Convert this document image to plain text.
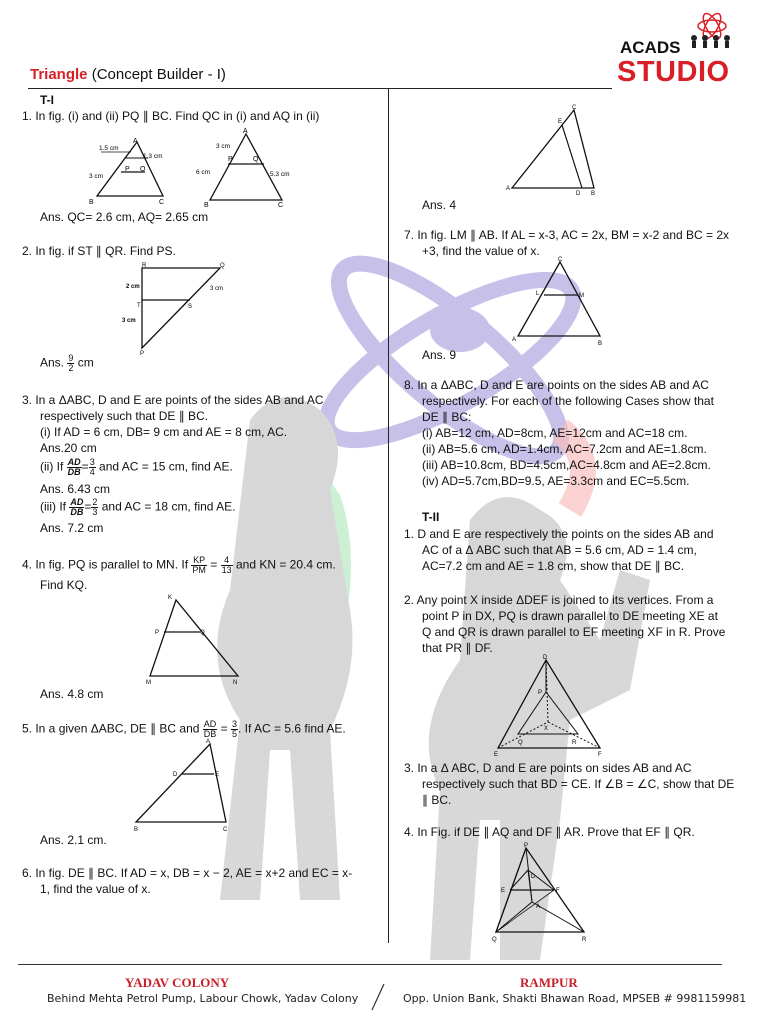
Triangle (Concept Builder - I)
ACADS
STUDIO
T-I
1. In fig. (i) and (ii) PQ ∥ BC. Find QC in (i) and AQ in (ii)
A
P Q
B	C
1.5 cm
1.3 cm
3 cm
A
P	Q
B	C
3 cm
6 cm	5.3 cm
Ans. QC= 2.6 cm, AQ= 2.65 cm
2. In fig. if ST ∥ QR. Find PS.
R	Q
T	S
P
2 cm	3 cm
3 cm
Ans. $\frac{9}{2}$ cm
3. In a ΔABC, D and E are points of the sides AB and AC
respectively such that DE ∥ BC.
(i) If AD = 6 cm, DB= 9 cm and AE = 8 cm, AC.
Ans.20 cm
(ii) If $\frac{AD}{DB} = \frac{3}{4}$ and AC = 15 cm, find AE.
Ans. 6.43 cm
(iii) If $\frac{AD}{DB} = \frac{2}{3}$ and AC = 18 cm, find AE.
Ans. 7.2 cm
4. In fig. PQ is parallel to MN. If $\frac{KP}{PM} = \frac{4}{13}$ and KN = 20.4 cm.
Find KQ.
K
P	Q
M	N
Ans. 4.8 cm
5. In a given ΔABC, DE ∥ BC and $\frac{AD}{DB} = \frac{3}{5}$ . If AC = 5.6 find AE.
A
D	E
B	C
Ans. 2.1 cm.
6. In fig. DE ∥ BC. If AD = x, DB = x − 2, AE = x+2 and EC = x-
1, find the value of x.
C
E
A
D B
Ans. 4
7. In fig. LM ∥ AB. If AL = x-3, AC = 2x, BM = x-2 and BC = 2x
+3, find the value of x.
C
L	M
A
B
Ans. 9
8. In a ΔABC, D and E are points on the sides AB and AC
respectively. For each of the following Cases show that
DE ∥ BC:
(i) AB=12 cm, AD=8cm, AE=12cm and AC=18 cm.
(ii) AB=5.6 cm, AD=1.4cm, AC=7.2cm and AE=1.8cm.
(iii) AB=10.8cm, BD=4.5cm,AC=4.8cm and AE=2.8cm.
(iv) AD=5.7cm,BD=9.5, AE=3.3cm and EC=5.5cm.
T-II
1. D and E are respectively the points on the sides AB and
AC of a Δ ABC such that AB = 5.6 cm, AD = 1.4 cm,
AC=7.2 cm and AE = 1.8 cm, show that DE ∥ BC.
2. Any point X inside ΔDEF is joined to its vertices. From a
point P in DX, PQ is drawn parallel to DE meeting XE at
Q and QR is drawn parallel to EF meeting XF in R. Prove
that PR ∥ DF.
D
P
X
Q	R
E	F
3. In a Δ ABC, D and E are points on sides AB and AC
respectively such that BD = CE. If ∠B = ∠C, show that DE
∥ BC.
4. In Fig. if DE ∥ AQ and DF ∥ AR. Prove that EF ∥ QR.
P
D
E	F
A
Q	R
YADAV COLONY
Behind Mehta Petrol Pump, Labour Chowk, Yadav Colony
RAMPUR
Opp. Union Bank, Shakti Bhawan Road, MPSEB # 9981159981
